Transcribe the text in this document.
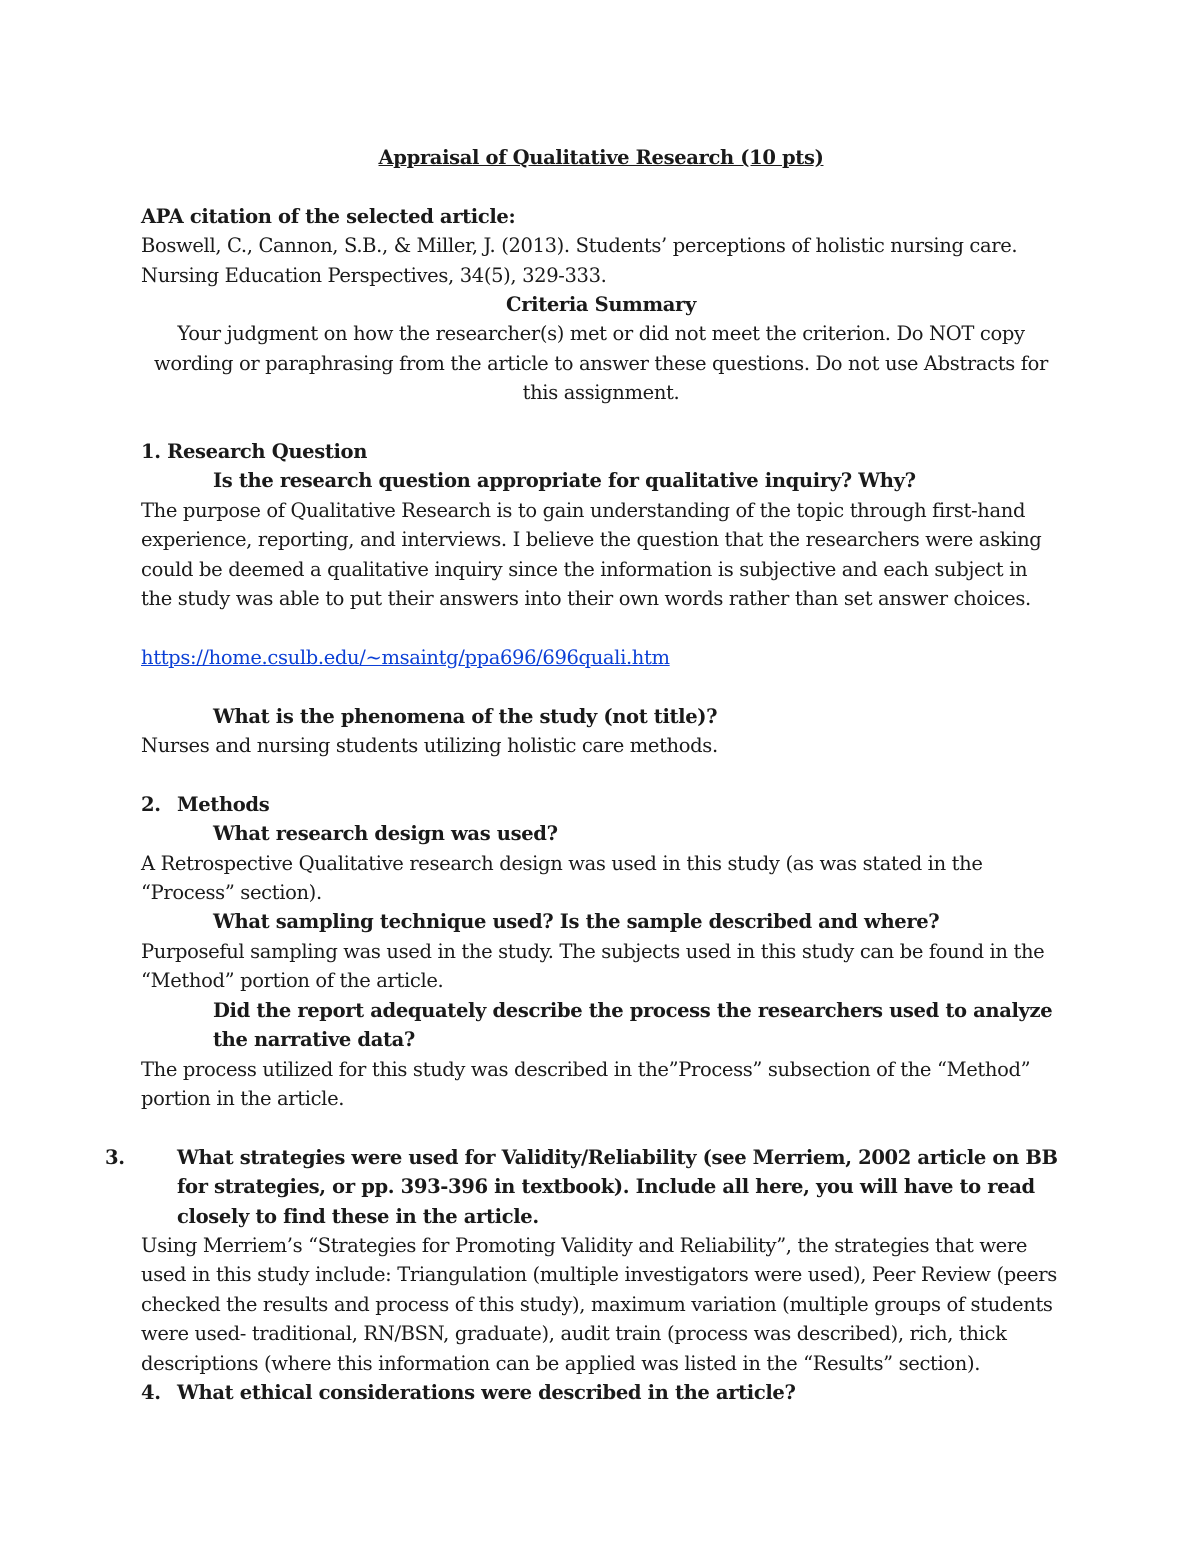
Appraisal of Qualitative Research (10 pts)

APA citation of the selected article:

Boswell, C., Cannon, S.B., & Miller, J. (2013). Students’ perceptions of holistic nursing care.

Nursing Education Perspectives, 34(5), 329-333.

Criteria Summary

Your judgment on how the researcher(s) met or did not meet the criterion. Do NOT copy wording or paraphrasing from the article to answer these questions. Do not use Abstracts for this assignment.

1. Research Question

Is the research question appropriate for qualitative inquiry? Why?

The purpose of Qualitative Research is to gain understanding of the topic through first-hand experience, reporting, and interviews. I believe the question that the researchers were asking could be deemed a qualitative inquiry since the information is subjective and each subject in the study was able to put their answers into their own words rather than set answer choices.

https://home.csulb.edu/~msaintg/ppa696/696quali.htm

What is the phenomena of the study (not title)?

Nurses and nursing students utilizing holistic care methods.

2. Methods

What research design was used?

A Retrospective Qualitative research design was used in this study (as was stated in the “Process” section).

What sampling technique used? Is the sample described and where?

Purposeful sampling was used in the study. The subjects used in this study can be found in the “Method” portion of the article.

Did the report adequately describe the process the researchers used to analyze the narrative data?

The process utilized for this study was described in the”Process” subsection of the “Method” portion in the article.

3.	What strategies were used for Validity/Reliability (see Merriem, 2002 article on BB for strategies, or pp. 393-396 in textbook). Include all here, you will have to read closely to find these in the article.

Using Merriem’s “Strategies for Promoting Validity and Reliability”, the strategies that were used in this study include: Triangulation (multiple investigators were used), Peer Review (peers checked the results and process of this study), maximum variation (multiple groups of students were used- traditional, RN/BSN, graduate), audit train (process was described), rich, thick descriptions (where this information can be applied was listed in the “Results” section).

4. What ethical considerations were described in the article?
